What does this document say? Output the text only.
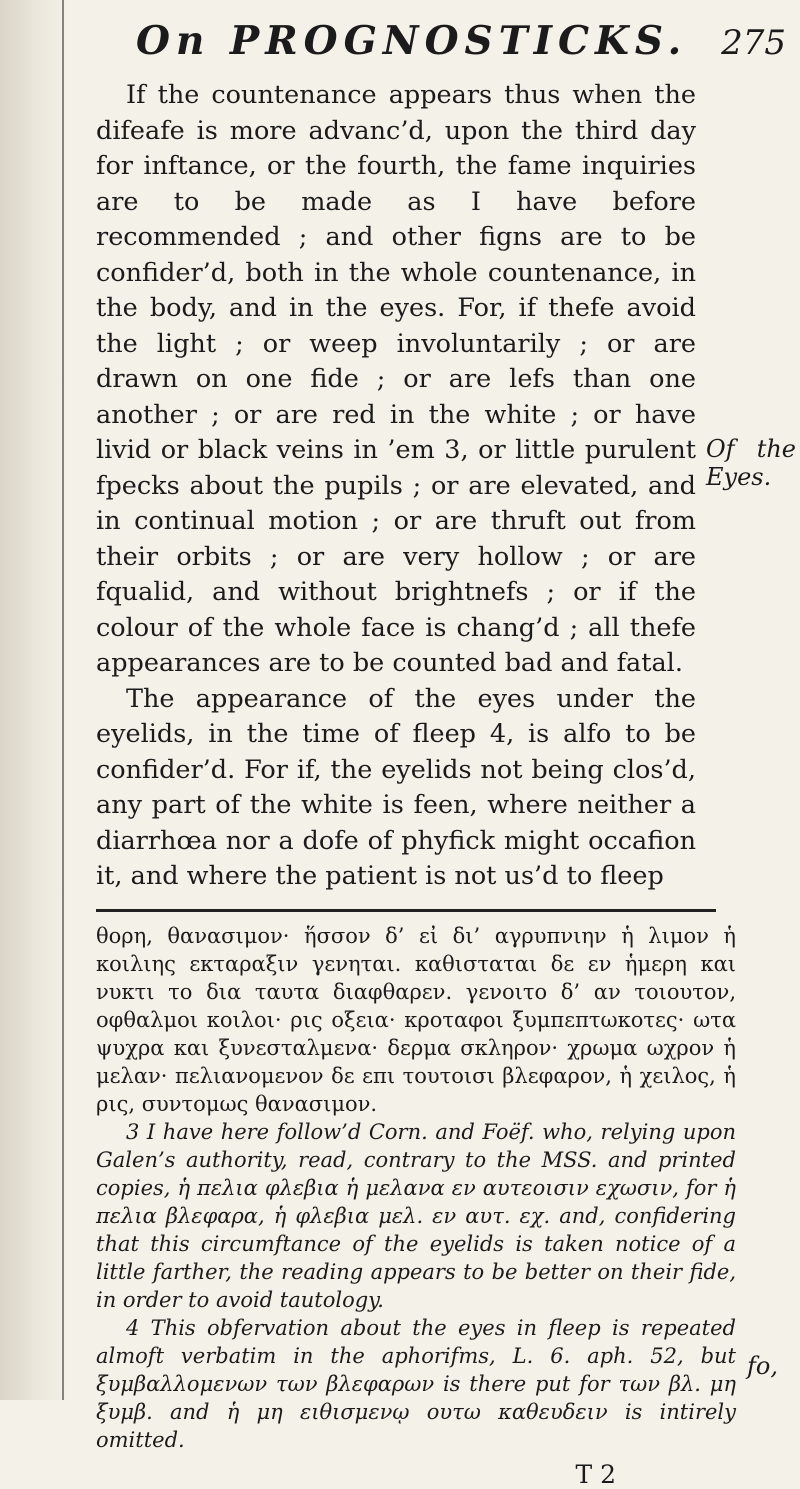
On PROGNOSTICKS. 275

If the countenance appears thus when the difeafe is more advanc’d, upon the third day for inftance, or the fourth, the fame inquiries are to be made as I have before recommended ; and other figns are to be confider’d, both in the whole countenance, in the body, and in the eyes. For, if thefe avoid the light ; or weep involuntarily ; or are drawn on one fide ; or are lefs than one another ; or are red in the white ; or have livid or black veins in ’em 3, or little purulent fpecks about the pupils ; or are elevated, and in continual motion ; or are thruft out from their orbits ; or are very hollow ; or are fqualid, and without brightnefs ; or if the colour of the whole face is chang’d ; all thefe appearances are to be counted bad and fatal.

The appearance of the eyes under the eyelids, in the time of fleep 4, is alfo to be confider’d. For if, the eyelids not being clos’d, any part of the white is feen, where neither a diarrhœa nor a dofe of phyfick might occafion it, and where the patient is not us’d to fleep

Of the Eyes.

θορη, θανασιμον· ἥσσον δ’ εἰ δι’ αγρυπνιην ἡ λιμον ἡ κοιλιης εκταραξιν γενηται. καθισταται δε εν ἡμερη και νυκτι το δια ταυτα διαφθαρεν. γενοιτο δ’ αν τοιουτον, οφθαλμοι κοιλοι· ρις οξεια· κροταφοι ξυμπεπτωκοτες· ωτα ψυχρα και ξυνεσταλμενα· δερμα σκληρον· χρωμα ωχρον ἡ μελαν· πελιανομενον δε επι τουτοισι βλεφαρον, ἡ χειλος, ἡ ρις, συντομως θανασιμον.

3 I have here follow’d Corn. and Foëf. who, relying upon Galen’s authority, read, contrary to the MSS. and printed copies, ἡ πελια φλεβια ἡ μελανα εν αυτεοισιν εχωσιν, for ἡ πελια βλεφαρα, ἡ φλεβια μελ. εν αυτ. εχ. and, confidering that this circumftance of the eyelids is taken notice of a little farther, the reading appears to be better on their fide, in order to avoid tautology.

4 This obfervation about the eyes in fleep is repeated almoft verbatim in the aphorifms, L. 6. aph. 52, but ξυμβαλλομενων των βλεφαρων is there put for των βλ. μη ξυμβ. and ἡ μη ειθισμενῳ ουτω καθευδειν is intirely omitted.

T 2
fo,
